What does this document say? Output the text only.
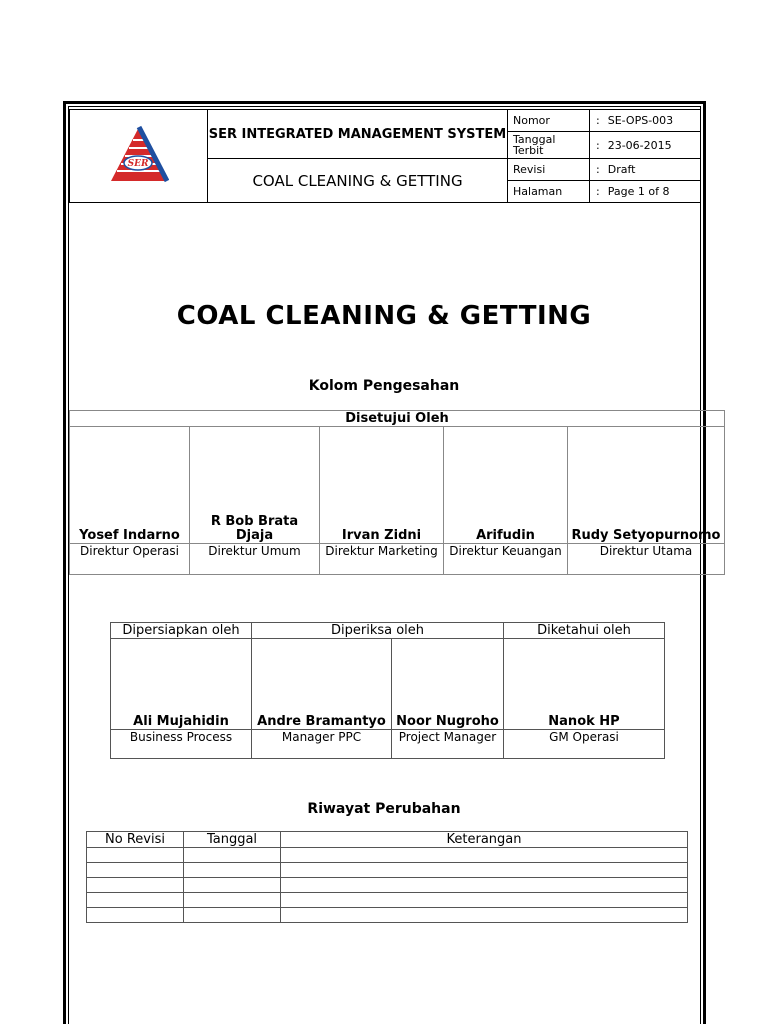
SER	SER INTEGRATED MANAGEMENT SYSTEM	Nomor	: SE-OPS-003
		Tanggal Terbit	: 23-06-2015
	COAL CLEANING & GETTING	Revisi	: Draft
		Halaman	: Page 1 of 8
COAL CLEANING & GETTING
Kolom Pengesahan
Disetujui Oleh				
Yosef Indarno	R Bob Brata Djaja	Irvan Zidni	Arifudin	Rudy Setyopurnomo
Direktur Operasi	Direktur Umum	Direktur Marketing	Direktur Keuangan	Direktur Utama
Dipersiapkan oleh	Diperiksa oleh		Diketahui oleh
Ali Mujahidin	Andre Bramantyo	Noor Nugroho	Nanok HP
Business Process	Manager PPC	Project Manager	GM Operasi
Riwayat Perubahan
No Revisi	Tanggal	Keterangan
